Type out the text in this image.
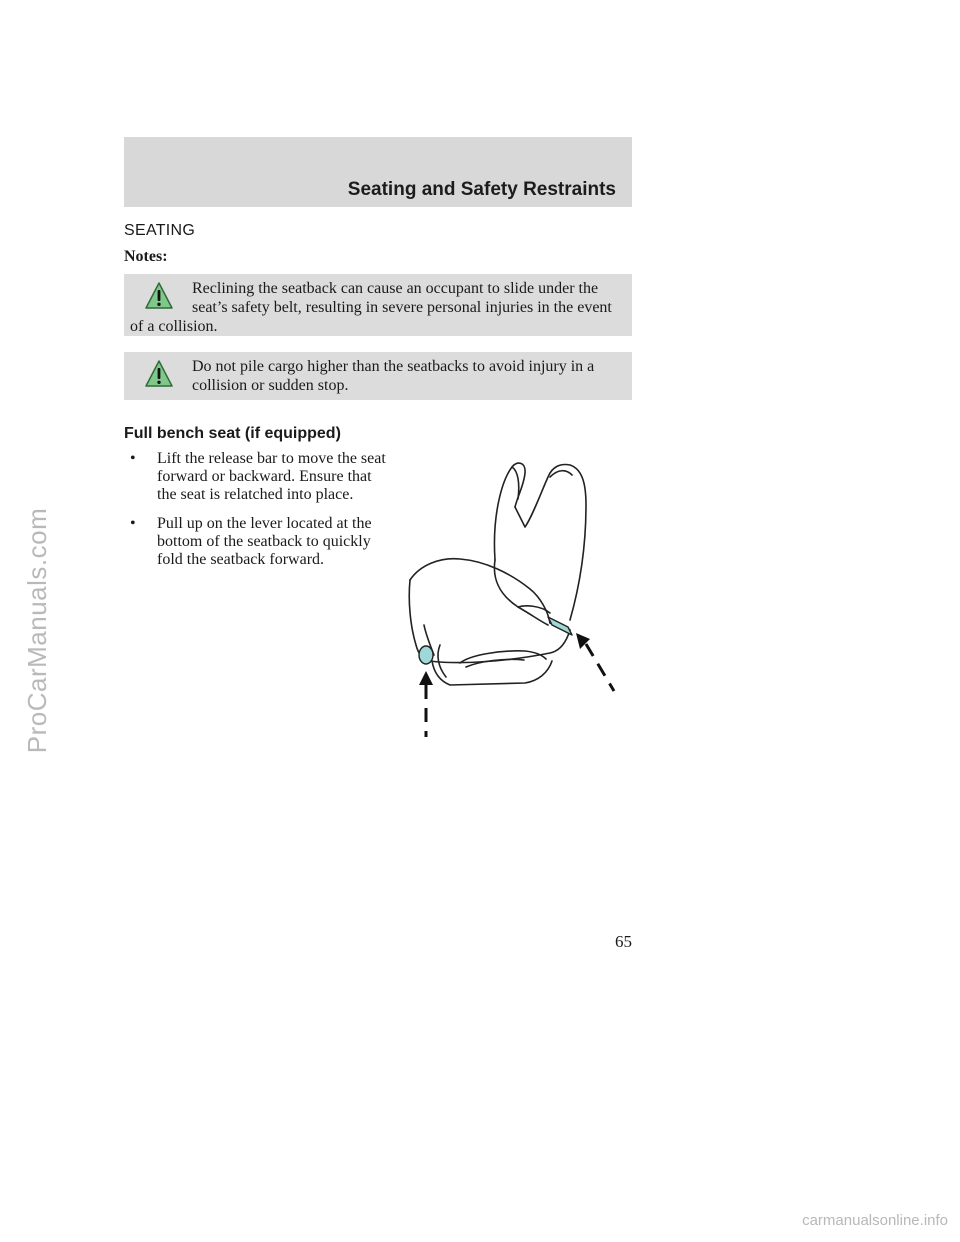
ProCarManuals.com
Seating and Safety Restraints
SEATING
Notes:
Reclining the seatback can cause an occupant to slide under the seat’s safety belt, resulting in severe personal injuries in the event of a collision.
Do not pile cargo higher than the seatbacks to avoid injury in a collision or sudden stop.
Full bench seat (if equipped)
• Lift the release bar to move the seat forward or backward. Ensure that the seat is relatched into place.
• Pull up on the lever located at the bottom of the seatback to quickly fold the seatback forward.
65
carmanualsonline.info
